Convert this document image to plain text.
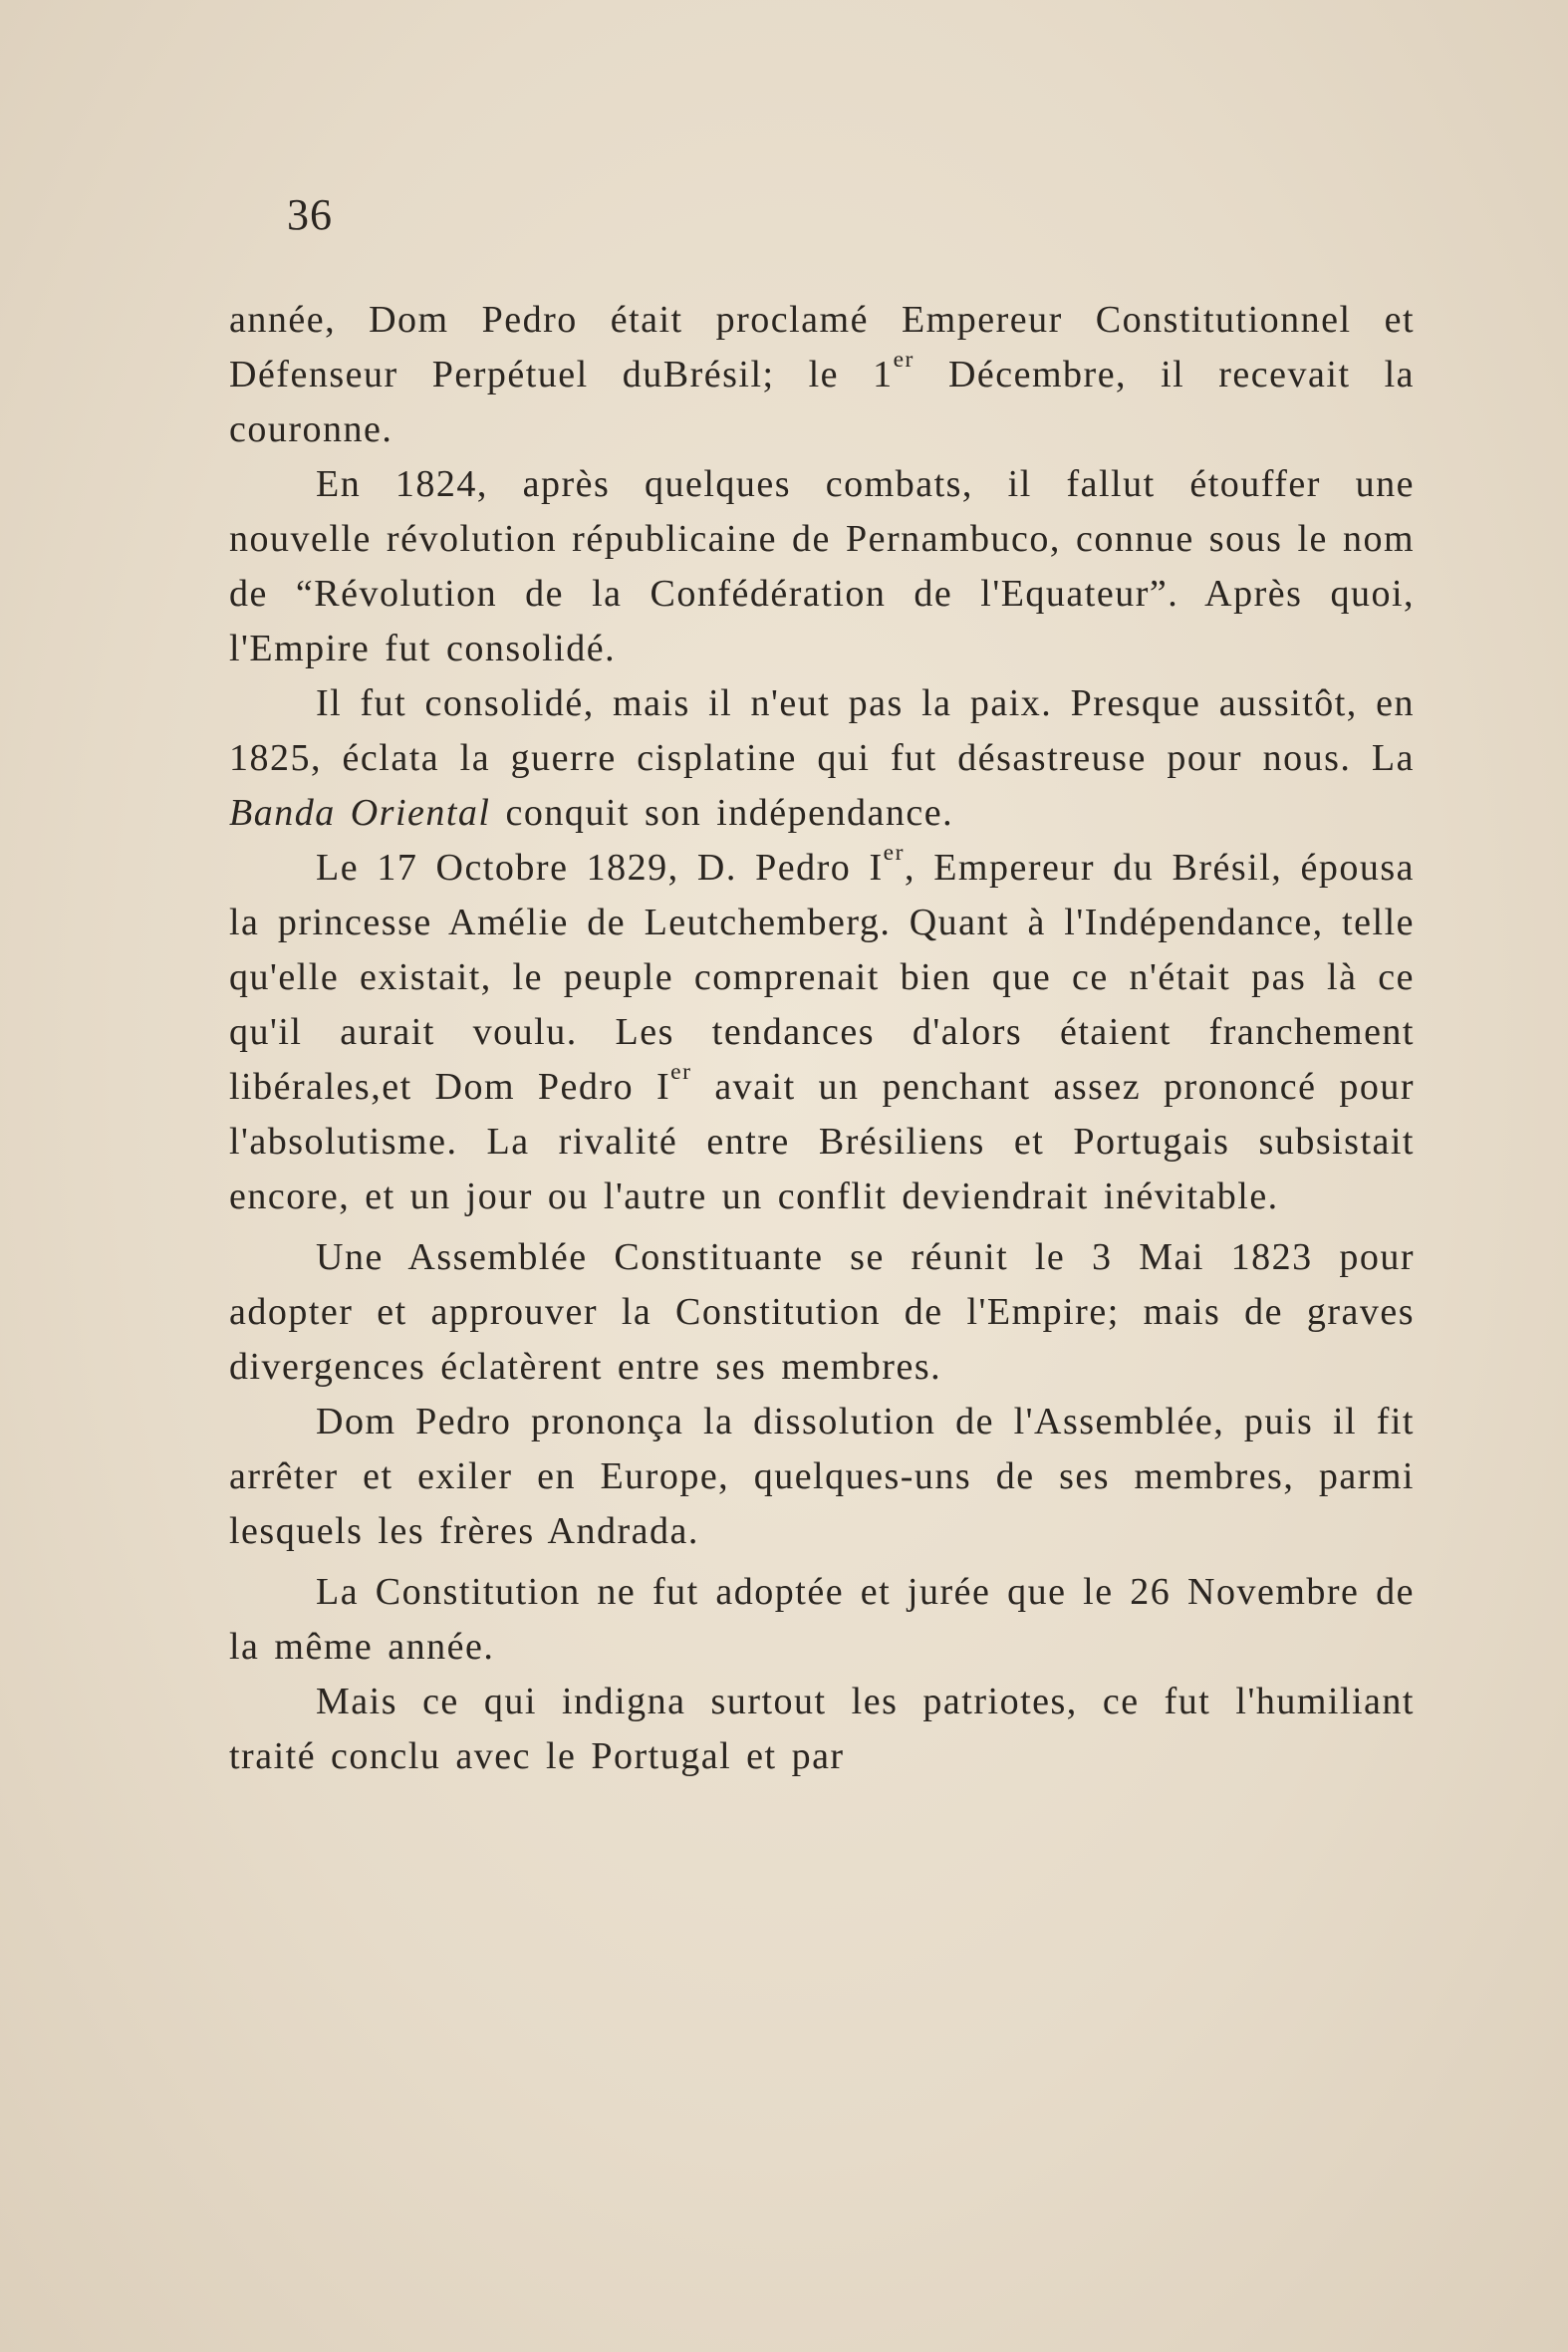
36

année, Dom Pedro était proclamé Empereur Constitutionnel et Défenseur Perpétuel duBrésil; le 1er Décembre, il recevait la couronne.

En 1824, après quelques combats, il fallut étouffer une nouvelle révolution républicaine de Pernambuco, connue sous le nom de “Révolution de la Confédération de l'Equateur”. Après quoi, l'Empire fut consolidé.

Il fut consolidé, mais il n'eut pas la paix. Presque aussitôt, en 1825, éclata la guerre cisplatine qui fut désastreuse pour nous. La Banda Oriental conquit son indépendance.

Le 17 Octobre 1829, D. Pedro Ier, Empereur du Brésil, épousa la princesse Amélie de Leutchemberg. Quant à l'Indépendance, telle qu'elle existait, le peuple comprenait bien que ce n'était pas là ce qu'il aurait voulu. Les tendances d'alors étaient franchement libérales,et Dom Pedro Ier avait un penchant assez prononcé pour l'absolutisme. La rivalité entre Brésiliens et Portugais subsistait encore, et un jour ou l'autre un conflit deviendrait inévitable.

Une Assemblée Constituante se réunit le 3 Mai 1823 pour adopter et approuver la Constitution de l'Empire; mais de graves divergences éclatèrent entre ses membres.

Dom Pedro prononça la dissolution de l'Assemblée, puis il fit arrêter et exiler en Europe, quelques-uns de ses membres, parmi lesquels les frères Andrada.

La Constitution ne fut adoptée et jurée que le 26 Novembre de la même année.

Mais ce qui indigna surtout les patriotes, ce fut l'humiliant traité conclu avec le Portugal et par
